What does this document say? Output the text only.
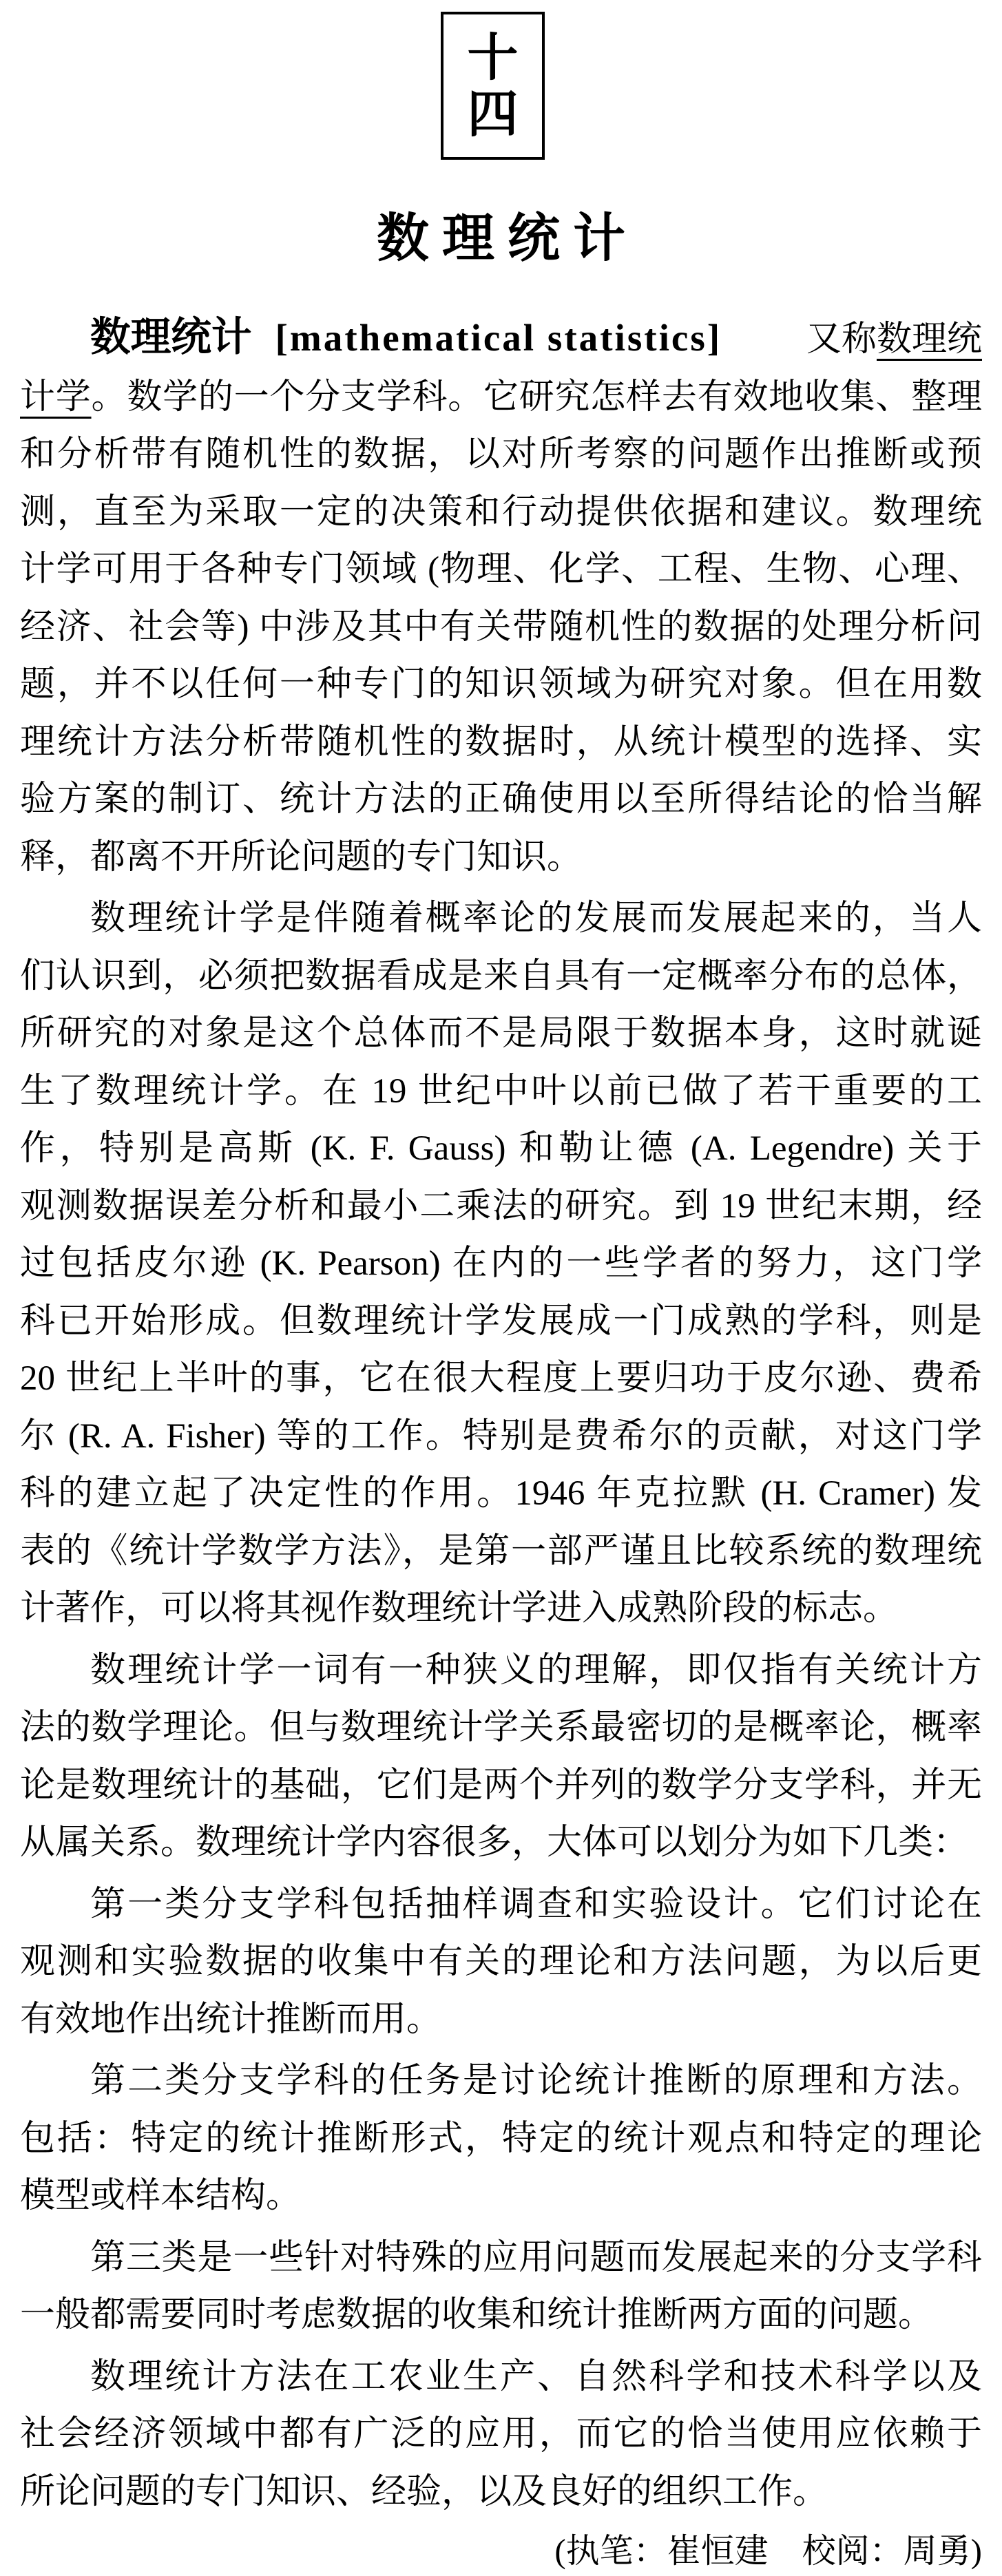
十
四
数理统计
数理统计 [mathematical statistics] 又称数理统
计学。数学的一个分支学科。它研究怎样去有效地收集、整理
和分析带有随机性的数据，以对所考察的问题作出推断或预
测，直至为采取一定的决策和行动提供依据和建议。数理统
计学可用于各种专门领域 (物理、化学、工程、生物、心理、
经济、社会等) 中涉及其中有关带随机性的数据的处理分析问
题，并不以任何一种专门的知识领域为研究对象。但在用数
理统计方法分析带随机性的数据时，从统计模型的选择、实
验方案的制订、统计方法的正确使用以至所得结论的恰当解
释，都离不开所论问题的专门知识。
数理统计学是伴随着概率论的发展而发展起来的，当人
们认识到，必须把数据看成是来自具有一定概率分布的总体，
所研究的对象是这个总体而不是局限于数据本身，这时就诞
生了数理统计学。在 19 世纪中叶以前已做了若干重要的工
作，特别是高斯 (K. F. Gauss) 和勒让德 (A. Legendre) 关于
观测数据误差分析和最小二乘法的研究。到 19 世纪末期，经
过包括皮尔逊 (K. Pearson) 在内的一些学者的努力，这门学
科已开始形成。但数理统计学发展成一门成熟的学科，则是
20 世纪上半叶的事，它在很大程度上要归功于皮尔逊、费希
尔 (R. A. Fisher) 等的工作。特别是费希尔的贡献，对这门学
科的建立起了决定性的作用。1946 年克拉默 (H. Cramer) 发
表的《统计学数学方法》，是第一部严谨且比较系统的数理统
计著作，可以将其视作数理统计学进入成熟阶段的标志。
数理统计学一词有一种狭义的理解，即仅指有关统计方
法的数学理论。但与数理统计学关系最密切的是概率论，概率
论是数理统计的基础，它们是两个并列的数学分支学科，并无
从属关系。数理统计学内容很多，大体可以划分为如下几类：
第一类分支学科包括抽样调查和实验设计。它们讨论在
观测和实验数据的收集中有关的理论和方法问题，为以后更
有效地作出统计推断而用。
第二类分支学科的任务是讨论统计推断的原理和方法。
包括：特定的统计推断形式，特定的统计观点和特定的理论
模型或样本结构。
第三类是一些针对特殊的应用问题而发展起来的分支学科
一般都需要同时考虑数据的收集和统计推断两方面的问题。
数理统计方法在工农业生产、自然科学和技术科学以及
社会经济领域中都有广泛的应用，而它的恰当使用应依赖于
所论问题的专门知识、经验，以及良好的组织工作。
(执笔：崔恒建　校阅：周勇)
